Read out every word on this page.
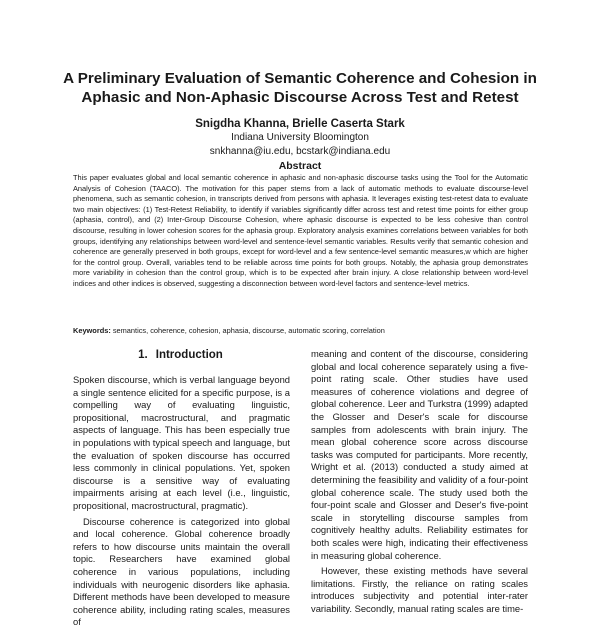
A Preliminary Evaluation of Semantic Coherence and Cohesion in
Aphasic and Non-Aphasic Discourse Across Test and Retest
Snigdha Khanna, Brielle Caserta Stark
Indiana University Bloomington
snkhanna@iu.edu, bcstark@indiana.edu
Abstract

This paper evaluates global and local semantic coherence in aphasic and non-aphasic discourse tasks using the Tool for the Automatic Analysis of Cohesion (TAACO). The motivation for this paper stems from a lack of automatic methods to evaluate discourse-level phenomena, such as semantic cohesion, in transcripts derived from persons with aphasia. It leverages existing test-retest data to evaluate two main objectives: (1) Test-Retest Reliability, to identify if variables significantly differ across test and retest time points for either group (aphasia, control), and (2) Inter-Group Discourse Cohesion, where aphasic discourse is expected to be less cohesive than control discourse, resulting in lower cohesion scores for the aphasia group. Exploratory analysis examines correlations between variables for both groups, identifying any relationships between word-level and sentence-level semantic variables. Results verify that semantic cohesion and coherence are generally preserved in both groups, except for word-level and a few sentence-level semantic measures,w which are higher for the control group. Overall, variables tend to be reliable across time points for both groups. Notably, the aphasia group demonstrates more variability in cohesion than the control group, which is to be expected after brain injury. A close relationship between word-level indices and other indices is observed, suggesting a disconnection between word-level factors and sentence-level metrics.

Keywords: semantics, coherence, cohesion, aphasia, discourse, automatic scoring, correlation

1. Introduction

Spoken discourse, which is verbal language beyond a single sentence elicited for a specific purpose, is a compelling way of evaluating linguistic, propositional, macrostructural, and pragmatic aspects of language. This has been especially true in populations with typical speech and language, but the evaluation of spoken discourse has occurred less commonly in clinical populations. Yet, spoken discourse is a sensitive way of evaluating impairments arising at each level (i.e., linguistic, propositional, macrostructural, pragmatic).

Discourse coherence is categorized into global and local coherence. Global coherence broadly refers to how discourse units maintain the overall topic. Researchers have examined global coherence in various populations, including individuals with neurogenic disorders like aphasia. Different methods have been developed to measure coherence ability, including rating scales, measures of

meaning and content of the discourse, considering global and local coherence separately using a five-point rating scale. Other studies have used measures of coherence violations and degree of global coherence. Leer and Turkstra (1999) adapted the Glosser and Deser's scale for discourse samples from adolescents with brain injury. The mean global coherence score across discourse tasks was computed for participants. More recently, Wright et al. (2013) conducted a study aimed at determining the feasibility and validity of a four-point global coherence scale. The study used both the four-point scale and Glosser and Deser's five-point scale in storytelling discourse samples from cognitively healthy adults. Reliability estimates for both scales were high, indicating their effectiveness in measuring global coherence.

However, these existing methods have several limitations. Firstly, the reliance on rating scales introduces subjectivity and potential inter-rater variability. Secondly, manual rating scales are time-
